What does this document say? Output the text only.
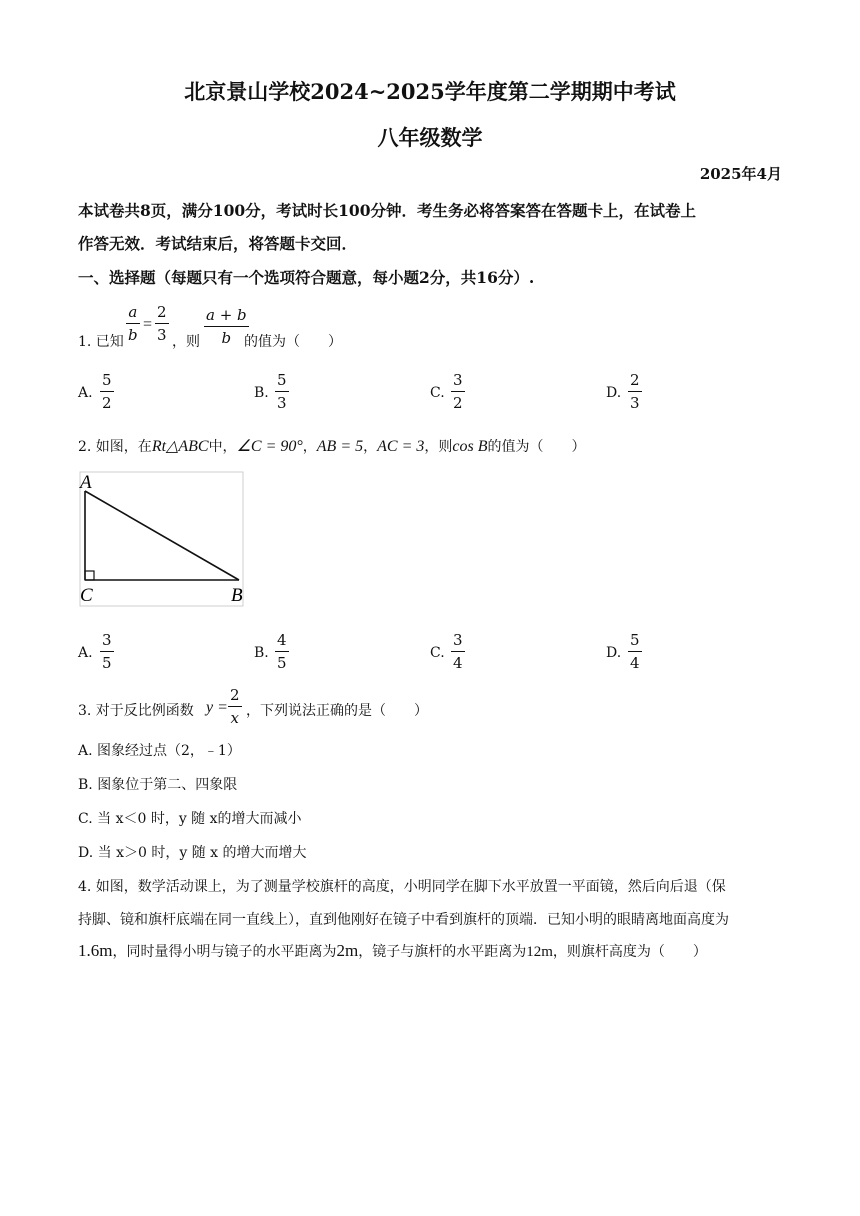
北京景山学校2024~2025学年度第二学期期中考试
八年级数学
2025年4月
本试卷共8页，满分100分，考试时长100分钟．考生务必将答案答在答题卡上，在试卷上
作答无效．考试结束后，将答题卡交回．
一、选择题（每题只有一个选项符合题意，每小题2分，共16分）.
1. 已知
a
b
=
2
3 ，则
a + b
b 的值为（　　）
A.
5
2
B.
5
3
C.
3
2
D.
2
3
2. 如图，在Rt△ABC中，∠C = 90°，AB = 5，AC = 3，则cos B的值为（　　）
A
C	B
A.
3
5
B.
4
5
C.
3
4
D.
5
4
3. 对于反比例函数 y =
2
x ，下列说法正确的是（　　）
A. 图象经过点（2，﹣1）
B. 图象位于第二、四象限
C. 当 x＜0 时，y 随 x的增大而减小
D. 当 x＞0 时，y 随 x 的增大而增大
4. 如图，数学活动课上，为了测量学校旗杆的高度，小明同学在脚下水平放置一平面镜，然后向后退（保
持脚、镜和旗杆底端在同一直线上），直到他刚好在镜子中看到旗杆的顶端．已知小明的眼睛离地面高度为
1.6m，同时量得小明与镜子的水平距离为2m，镜子与旗杆的水平距离为12m，则旗杆高度为（　　）
